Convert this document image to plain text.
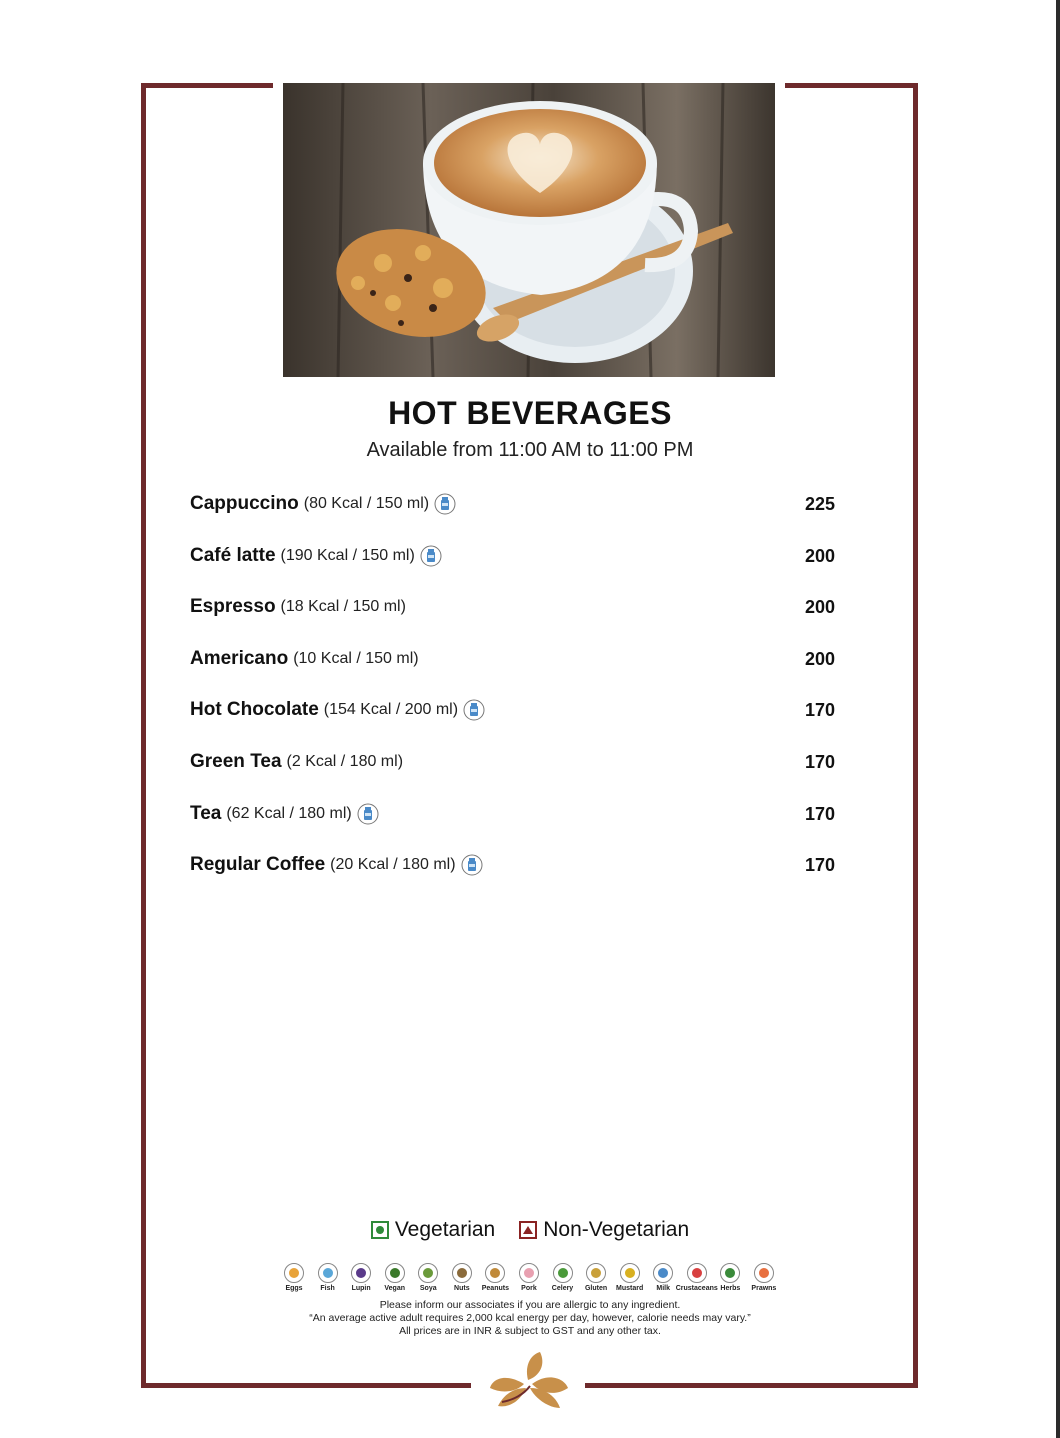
HOT BEVERAGES
Available from 11:00 AM to 11:00 PM
Cappuccino (80 Kcal / 150 ml)	225
Café latte (190 Kcal / 150 ml)	200
Espresso (18 Kcal / 150 ml)	200
Americano (10 Kcal / 150 ml)	200
Hot Chocolate (154 Kcal / 200 ml)	170
Green Tea (2 Kcal / 180 ml)	170
Tea (62 Kcal / 180 ml)	170
Regular Coffee (20 Kcal / 180 ml)	170
Vegetarian Non-Vegetarian
Eggs	Fish Lupin Vegan Soya Nuts Peanuts Pork Celery Gluten Mustard Milk Crustaceans Herbs Prawns
Please inform our associates if you are allergic to any ingredient.
“An average active adult requires 2,000 kcal energy per day, however, calorie needs may vary.”
All prices are in INR & subject to GST and any other tax.
